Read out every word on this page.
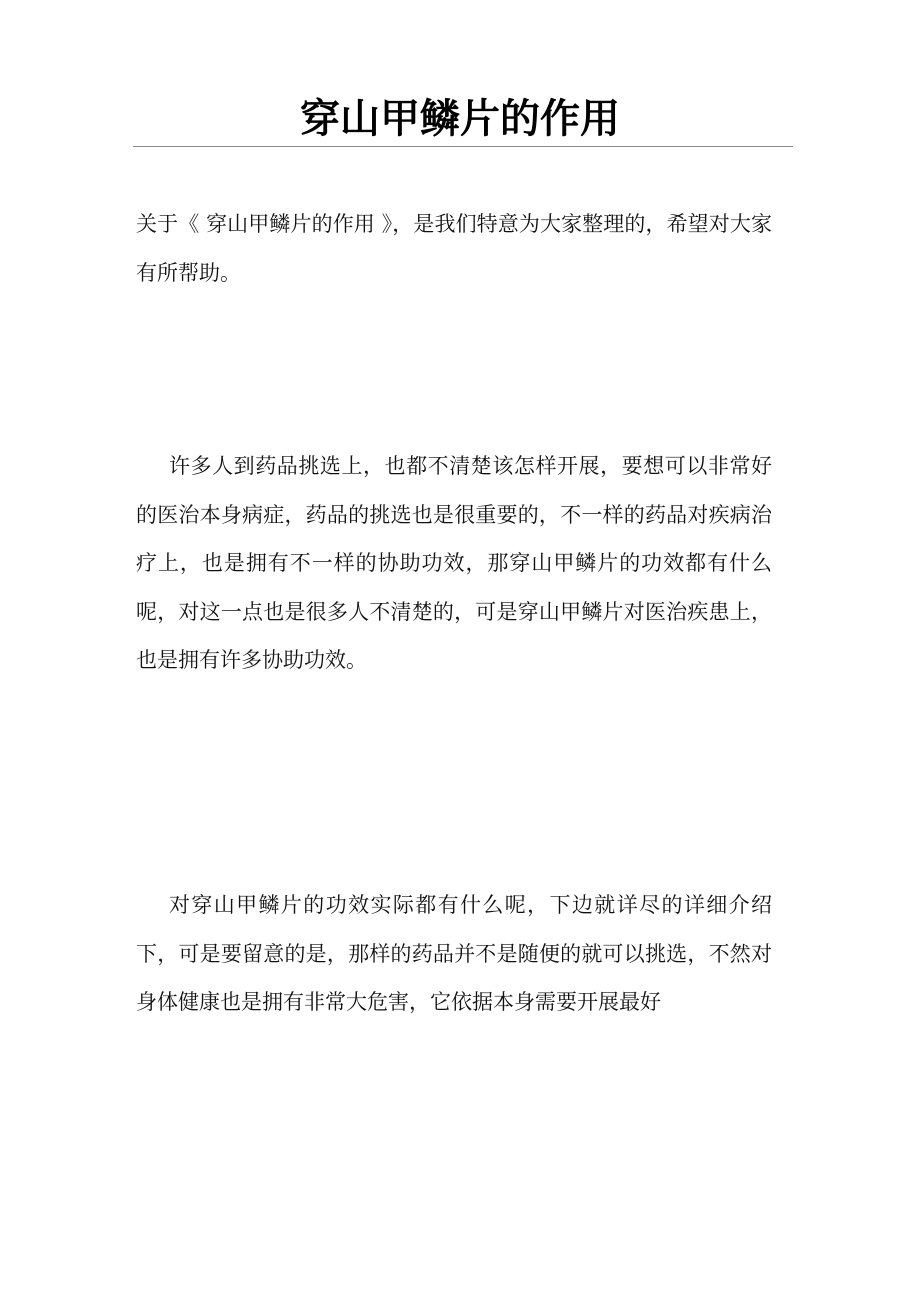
穿山甲鳞片的作用

关于《 穿山甲鳞片的作用 》，是我们特意为大家整理的，希望对大家有所帮助。

许多人到药品挑选上，也都不清楚该怎样开展，要想可以非常好的医治本身病症，药品的挑选也是很重要的，不一样的药品对疾病治疗上，也是拥有不一样的协助功效，那穿山甲鳞片的功效都有什么呢，对这一点也是很多人不清楚的，可是穿山甲鳞片对医治疾患上，也是拥有许多协助功效。

对穿山甲鳞片的功效实际都有什么呢，下边就详尽的详细介绍下，可是要留意的是，那样的药品并不是随便的就可以挑选，不然对身体健康也是拥有非常大危害，它依据本身需要开展最好
